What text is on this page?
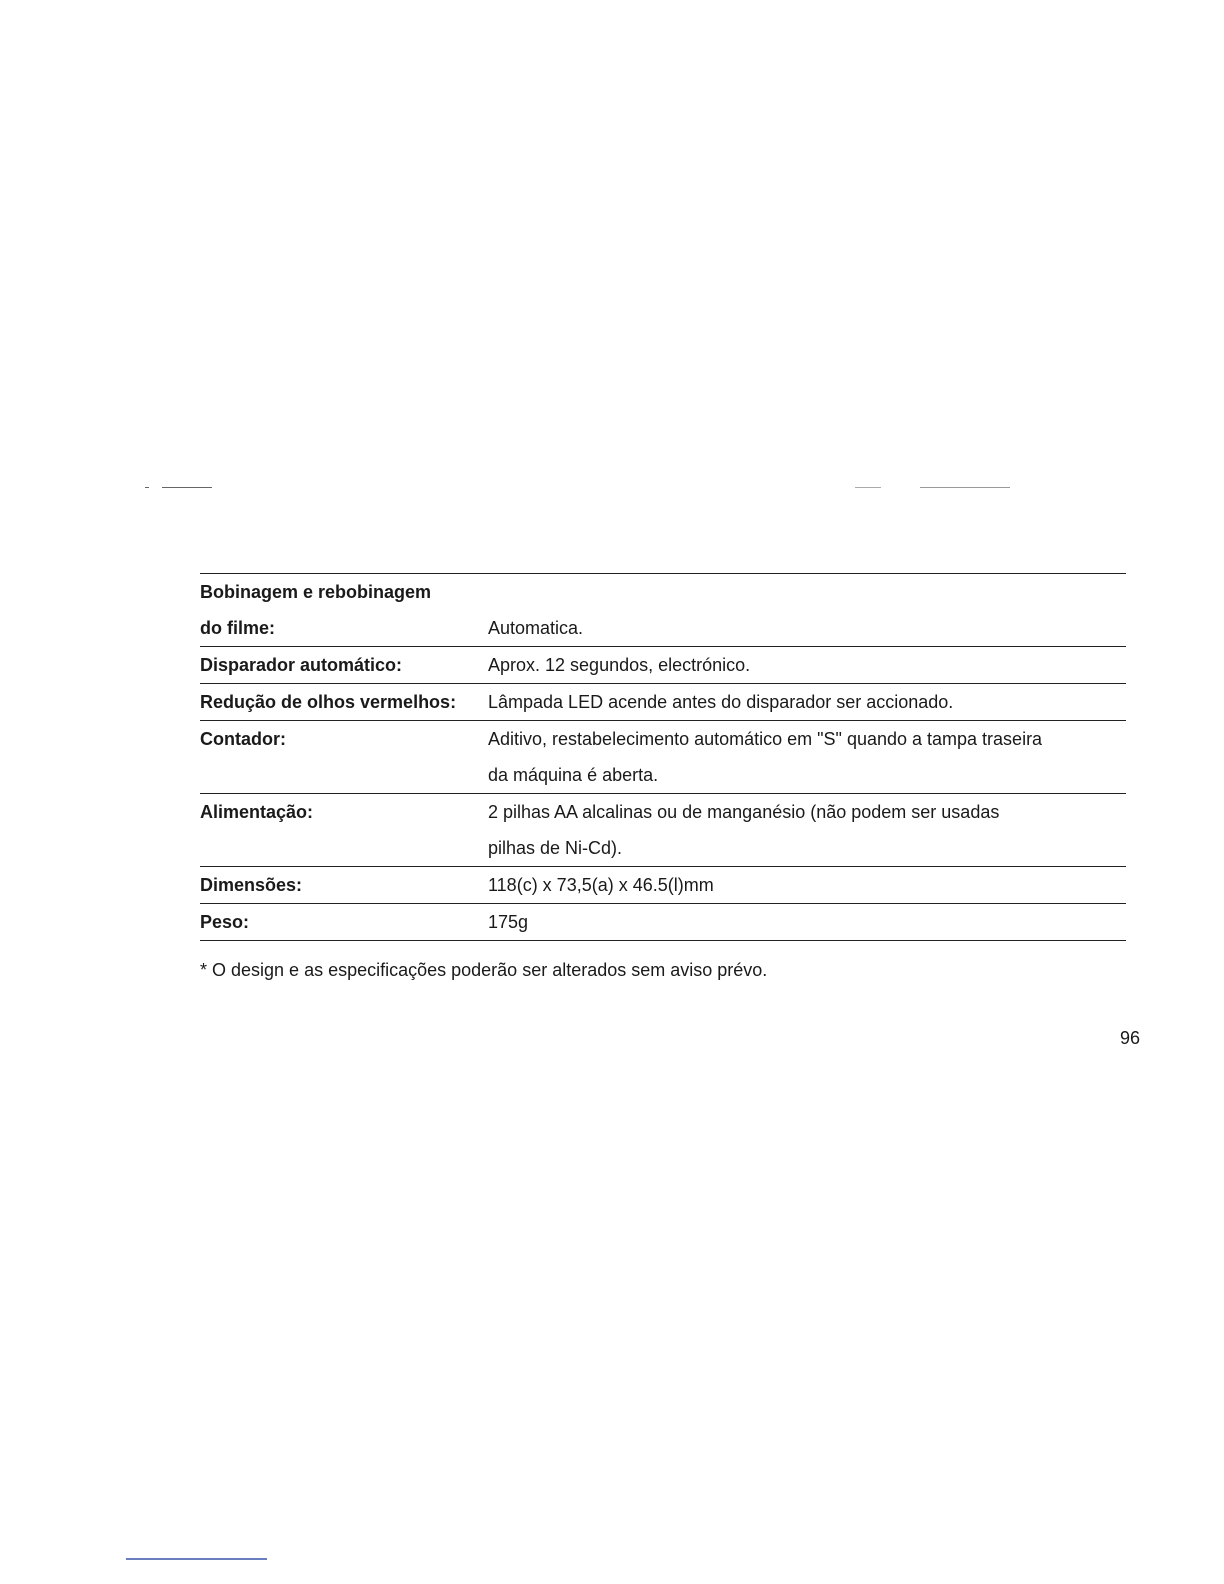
Bobinagem e rebobinagem
do filme:
	Automatica.
Disparador automático:	Aprox. 12 segundos, electrónico.
Redução de olhos vermelhos:	Lâmpada LED acende antes do disparador ser accionado.
Contador:	Aditivo, restabelecimento automático em "S" quando a tampa traseira
da máquina é aberta.
Alimentação:	2 pilhas AA alcalinas ou de manganésio (não podem ser usadas
pilhas de Ni-Cd).
Dimensões:	118(c) x 73,5(a) x 46.5(l)mm
Peso:	175g
* O design e as especificações poderão ser alterados sem aviso prévo.
96
